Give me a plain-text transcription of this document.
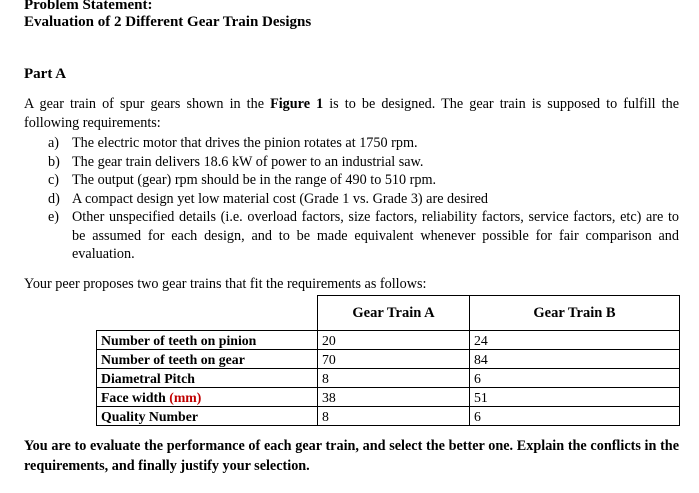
Problem Statement:
Evaluation of 2 Different Gear Train Designs
Part A
A gear train of spur gears shown in the Figure 1 is to be designed. The gear train is supposed to fulfill the following requirements:
a) The electric motor that drives the pinion rotates at 1750 rpm.
b) The gear train delivers 18.6 kW of power to an industrial saw.
c) The output (gear) rpm should be in the range of 490 to 510 rpm.
d) A compact design yet low material cost (Grade 1 vs. Grade 3) are desired
e) Other unspecified details (i.e. overload factors, size factors, reliability factors, service factors, etc) are to be assumed for each design, and to be made equivalent whenever possible for fair comparison and evaluation.
Your peer proposes two gear trains that fit the requirements as follows:
	Gear Train A	Gear Train B
Number of teeth on pinion	20	24
Number of teeth on gear	70	84
Diametral Pitch	8	6
Face width (mm)	38	51
Quality Number	8	6
You are to evaluate the performance of each gear train, and select the better one. Explain the conflicts in the requirements, and finally justify your selection.
